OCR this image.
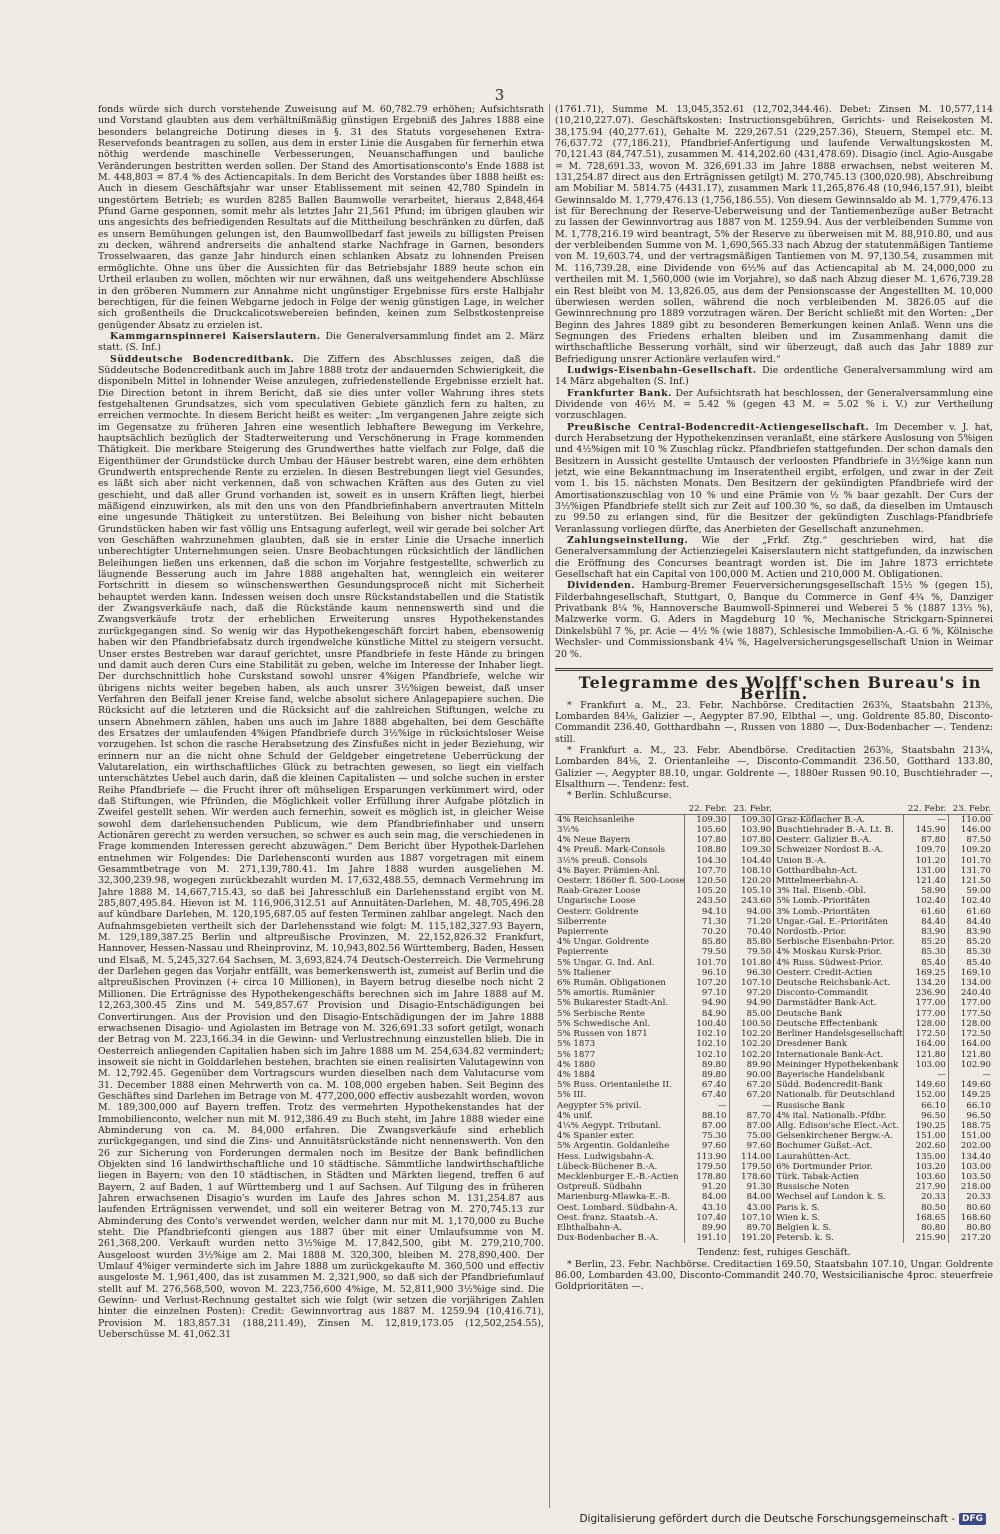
3

fonds würde sich durch vorstehende Zuweisung auf M. 60,782.79 erhöhen; Aufsichtsrath und Vorstand glaubten aus dem verhältnißmäßig günstigen Ergebniß des Jahres 1888 eine besonders belangreiche Dotirung dieses in §. 31 des Statuts vorgesehenen Extra-Reservefonds beantragen zu sollen, aus dem in erster Linie die Ausgaben für fernerhin etwa nöthig werdende maschinelle Verbesserungen, Neuanschaffungen und bauliche Veränderungen bestritten werden sollen. Der Stand des Amortisationsconto's Ende 1888 ist M. 448,803 = 87.4 % des Actiencapitals. In dem Bericht des Vorstandes über 1888 heißt es: Auch in diesem Geschäftsjahr war unser Etablissement mit seinen 42,780 Spindeln in ungestörtem Betrieb; es wurden 8285 Ballen Baumwolle verarbeitet, hieraus 2,848,464 Pfund Garne gesponnen, somit mehr als letztes Jahr 21,561 Pfund; im übrigen glauben wir uns angesichts des befriedigenden Resultats auf die Mittheilung beschränken zu dürfen, daß es unsern Bemühungen gelungen ist, den Baumwollbedarf fast jeweils zu billigsten Preisen zu decken, während andrerseits die anhaltend starke Nachfrage in Garnen, besonders Trosselwaaren, das ganze Jahr hindurch einen schlanken Absatz zu lohnenden Preisen ermöglichte. Ohne uns über die Aussichten für das Betriebsjahr 1889 heute schon ein Urtheil erlauben zu wollen, möchten wir nur erwähnen, daß uns weitgehendere Abschlüsse in den gröberen Nummern zur Annahme nicht ungünstiger Ergebnisse fürs erste Halbjahr berechtigen, für die feinen Webgarne jedoch in Folge der wenig günstigen Lage, in welcher sich großentheils die Druckcalicotswebereien befinden, keinen zum Selbstkostenpreise genügender Absatz zu erzielen ist.

Kammgarnspinnerei Kaiserslautern. Die Generalversammlung findet am 2. März statt. (S. Inf.)

Süddeutsche Bodencreditbank. Die Ziffern des Abschlusses zeigen, daß die Süddeutsche Bodencreditbank auch im Jahre 1888 trotz der andauernden Schwierigkeit, die disponibeln Mittel in lohnender Weise anzulegen, zufriedenstellende Ergebnisse erzielt hat. Die Direction betont in ihrem Bericht, daß sie dies unter voller Wahrung ihres stets festgehaltenen Grundsatzes, sich vom speculativen Gebiete gänzlich fern zu halten, zu erreichen vermochte. In diesem Bericht heißt es weiter: „Im vergangenen Jahre zeigte sich im Gegensatze zu früheren Jahren eine wesentlich lebhaftere Bewegung im Verkehre, hauptsächlich bezüglich der Stadterweiterung und Verschönerung in Frage kommenden Thätigkeit. Die merkbare Steigerung des Grundwerthes hatte vielfach zur Folge, daß die Eigenthümer der Grundstücke durch Umbau der Häuser bestrebt waren, eine dem erhöhten Grundwerth entsprechende Rente zu erzielen. In diesen Bestrebungen liegt viel Gesundes, es läßt sich aber nicht verkennen, daß von schwachen Kräften aus des Guten zu viel geschieht, und daß aller Grund vorhanden ist, soweit es in unsern Kräften liegt, hierbei mäßigend einzuwirken, als mit den uns von den Pfandbriefinhabern anvertrauten Mitteln eine ungesunde Thätigkeit zu unterstützen. Bei Beleihung von bisher nicht bebauten Grundstücken haben wir fast völlig uns Entsagung auferlegt, weil wir gerade bei solcher Art von Geschäften wahrzunehmen glaubten, daß sie in erster Linie die Ursache innerlich unberechtigter Unternehmungen seien. Unsre Beobachtungen rücksichtlich der ländlichen Beleihungen ließen uns erkennen, daß die schon im Vorjahre festgestellte, schwerlich zu läugnende Besserung auch im Jahre 1888 angehalten hat, wenngleich ein weiterer Fortschritt in diesem so wünschenswerthen Gesundungsproceß nicht mit Sicherheit behauptet werden kann. Indessen weisen doch unsre Rückstandstabellen und die Statistik der Zwangsverkäufe nach, daß die Rückstände kaum nennenswerth sind und die Zwangsverkäufe trotz der erheblichen Erweiterung unsres Hypothekenstandes zurückgegangen sind. So wenig wir das Hypothekengeschäft forcirt haben, ebensowenig haben wir den Pfandbriefabsatz durch irgendwelche künstliche Mittel zu steigern versucht. Unser erstes Bestreben war darauf gerichtet, unsre Pfandbriefe in feste Hände zu bringen und damit auch deren Curs eine Stabilität zu geben, welche im Interesse der Inhaber liegt. Der durchschnittlich hohe Curskstand sowohl unsrer 4%igen Pfandbriefe, welche wir übrigens nichts weiter begeben haben, als auch unsrer 3½%igen beweist, daß unser Verfahren den Beifall jener Kreise fand, welche absolut sichere Anlagepapiere suchen. Die Rücksicht auf die letzteren und die Rücksicht auf die zahlreichen Stiftungen, welche zu unsern Abnehmern zählen, haben uns auch im Jahre 1888 abgehalten, bei dem Geschäfte des Ersatzes der umlaufenden 4%igen Pfandbriefe durch 3½%ige in rücksichtsloser Weise vorzugehen. Ist schon die rasche Herabsetzung des Zinsfußes nicht in jeder Beziehung, wir erinnern nur an die nicht ohne Schuld der Geldgeber eingetretene Ueberrückung der Valutarelation, ein wirthschaftliches Glück zu betrachten gewesen, so liegt ein vielfach unterschätztes Uebel auch darin, daß die kleinen Capitalisten — und solche suchen in erster Reihe Pfandbriefe — die Frucht ihrer oft mühseligen Ersparungen verkümmert wird, oder daß Stiftungen, wie Pfründen, die Möglichkeit voller Erfüllung ihrer Aufgabe plötzlich in Zweifel gestellt sehen. Wir werden auch fernerhin, soweit es möglich ist, in gleicher Weise sowohl dem darlehensuchenden Publicum, wie dem Pfandbriefinhaber und unsern Actionären gerecht zu werden versuchen, so schwer es auch sein mag, die verschiedenen in Frage kommenden Interessen gerecht abzuwägen.“ Dem Bericht über Hypothek-Darlehen entnehmen wir Folgendes: Die Darlehensconti wurden aus 1887 vorgetragen mit einem Gesammtbetrage von M. 271,139,780.41. Im Jahre 1888 wurden ausgeliehen M. 32,300,239.98, wogegen zurückbezahlt wurden M. 17,632,488.55, demnach Vermehrung im Jahre 1888 M. 14,667,715.43, so daß bei Jahresschluß ein Darlehensstand ergibt von M. 285,807,495.84. Hievon ist M. 116,906,312.51 auf Annuitäten-Darlehen, M. 48,705,496.28 auf kündbare Darlehen, M. 120,195,687.05 auf festen Terminen zahlbar angelegt. Nach den Aufnahmsgebieten vertheilt sich der Darlehensstand wie folgt: M. 115,182,327.93 Bayern, M. 129,189,387.25 Berlin und altpreußische Provinzen, M. 22,152,826.32 Frankfurt, Hannover, Hessen-Nassau und Rheinprovinz, M. 10,943,802.56 Württemberg, Baden, Hessen und Elsaß, M. 5,245,327.64 Sachsen, M. 3,693,824.74 Deutsch-Oesterreich. Die Vermehrung der Darlehen gegen das Vorjahr entfällt, was bemerkenswerth ist, zumeist auf Berlin und die altpreußischen Provinzen (+ circa 10 Millionen), in Bayern betrug dieselbe noch nicht 2 Millionen. Die Erträgnisse des Hypothekengeschäfts berechnen sich im Jahre 1888 auf M. 12,263,300.45 Zins und M. 549,857.67 Provision und Disagio-Entschädigungen bei Convertirungen. Aus der Provision und den Disagio-Entschädigungen der im Jahre 1888 erwachsenen Disagio- und Agiolasten im Betrage von M. 326,691.33 sofort getilgt, wonach der Betrag von M. 223,166.34 in die Gewinn- und Verlustrechnung einzustellen blieb. Die in Oesterreich anliegenden Capitalien haben sich im Jahre 1888 um M. 254,634.82 vermindert; insoweit sie nicht in Golddarlehen bestehen, brachten sie einen realisirten Valutagewinn von M. 12,792.45. Gegenüber dem Vortragscurs wurden dieselben nach dem Valutacurse vom 31. December 1888 einen Mehrwerth von ca. M. 108,000 ergeben haben. Seit Beginn des Geschäftes sind Darlehen im Betrage von M. 477,200,000 effectiv ausbezahlt worden, wovon M. 189,300,000 auf Bayern treffen. Trotz des vermehrten Hypothekenstandes hat der Immobilienconto, welcher nun mit M. 912,386.49 zu Buch steht, im Jahre 1888 wieder eine Abminderung von ca. M. 84,000 erfahren. Die Zwangsverkäufe sind erheblich zurückgegangen, und sind die Zins- und Annuitätsrückstände nicht nennenswerth. Von den 26 zur Sicherung von Forderungen dermalen noch im Besitze der Bank befindlichen Objekten sind 16 landwirthschaftliche und 10 städtische. Sämmtliche landwirthschaftliche liegen in Bayern; von den 10 städtischen, in Städten und Märkten liegend, treffen 6 auf Bayern, 2 auf Baden, 1 auf Württemberg und 1 auf Sachsen. Auf Tilgung des in früheren Jahren erwachsenen Disagio's wurden im Laufe des Jahres schon M. 131,254.87 aus laufenden Erträgnissen verwendet, und soll ein weiterer Betrag von M. 270,745.13 zur Abminderung des Conto's verwendet werden, welcher dann nur mit M. 1,170,000 zu Buche steht. Die Pfandbriefconti giengen aus 1887 über mit einer Umlaufsumme von M. 261,368,200. Verkauft wurden netto 3½%ige M. 17,842,500, gibt M. 279,210,700. Ausgeloost wurden 3½%ige am 2. Mai 1888 M. 320,300, bleiben M. 278,890,400. Der Umlauf 4%iger verminderte sich im Jahre 1888 um zurückgekaufte M. 360,500 und effectiv ausgeloste M. 1,961,400, das ist zusammen M. 2,321,900, so daß sich der Pfandbriefumlauf stellt auf M. 276,568,500, wovon M. 223,756,600 4%ige, M. 52,811,900 3½%ige sind. Die Gewinn- und Verlust-Rechnung gestaltet sich wie folgt (wir setzen die vorjährigen Zahlen hinter die einzelnen Posten): Credit: Gewinnvortrag aus 1887 M. 1259.94 (10,416.71), Provision M. 183,857.31 (188,211.49), Zinsen M. 12,819,173.05 (12,502,254.55), Ueberschüsse M. 41,062.31

(1761.71), Summe M. 13,045,352.61 (12,702,344.46). Debet: Zinsen M. 10,577,114 (10,210,227.07). Geschäftskosten: Instructionsgebühren, Gerichts- und Reisekosten M. 38,175.94 (40,277.61), Gehalte M. 229,267.51 (229,257.36), Steuern, Stempel etc. M. 76,637.72 (77,186.21), Pfandbrief-Anfertigung und laufende Verwaltungskosten M. 70,121.43 (84,747.51), zusammen M. 414,202.60 (431,478.69). Disagio (incl. Agio-Ausgabe = M. 728,691.33, wovon M. 326,691.33 im Jahre 1888 erwachsen, nebst weiteren M. 131,254.87 direct aus den Erträgnissen getilgt) M. 270,745.13 (300,020.98), Abschreibung am Mobiliar M. 5814.75 (4431.17), zusammen Mark 11,265,876.48 (10,946,157.91), bleibt Gewinnsaldo M. 1,779,476.13 (1,756,186.55). Von diesem Gewinnsaldo ab M. 1,779,476.13 ist für Berechnung der Reserve-Ueberweisung und der Tantiemenbezüge außer Betracht zu lassen der Gewinnvortrag aus 1887 von M. 1259.94. Aus der verbleibenden Summe von M. 1,778,216.19 wird beantragt, 5% der Reserve zu überweisen mit M. 88,910.80, und aus der verbleibenden Summe von M. 1,690,565.33 nach Abzug der statutenmäßigen Tantieme von M. 19,603.74, und der vertragsmäßigen Tantiemen von M. 97,130.54, zusammen mit M. 116,739.28, eine Dividende von 6½% auf das Actiencapital ab M. 24,000,000 zu vertheilen mit M. 1,560,000 (wie im Vorjahre), so daß nach Abzug dieser M. 1,676,739.28 ein Rest bleibt von M. 13,826.05, aus dem der Pensionscasse der Angestellten M. 10,000 überwiesen werden sollen, während die noch verbleibenden M. 3826.05 auf die Gewinnrechnung pro 1889 vorzutragen wären. Der Bericht schließt mit den Worten: „Der Beginn des Jahres 1889 gibt zu besonderen Bemerkungen keinen Anlaß. Wenn uns die Segnungen des Friedens erhalten bleiben und im Zusammenhang damit die wirthschaftliche Besserung vorhält, sind wir überzeugt, daß auch das Jahr 1889 zur Befriedigung unsrer Actionäre verlaufen wird.“

Ludwigs-Eisenbahn-Gesellschaft. Die ordentliche Generalversammlung wird am 14 März abgehalten (S. Inf.)

Frankfurter Bank. Der Aufsichtsrath hat beschlossen, der Generalversammlung eine Dividende von 46½ M. = 5.42 % (gegen 43 M. = 5.02 % i. V.) zur Vertheilung vorzuschlagen.

Preußische Central-Bodencredit-Actiengesellschaft. Im December v. J. hat, durch Herabsetzung der Hypothekenzinsen veranlaßt, eine stärkere Auslosung von 5%igen und 4½%igen mit 10 % Zuschlag rückz. Pfandbriefen stattgefunden. Der schon damals den Besitzern in Aussicht gestellte Umtausch der verloosten Pfandbriefe in 3½%ige kann nun jetzt, wie eine Bekanntmachung im Inseratentheil ergibt, erfolgen, und zwar in der Zeit vom 1. bis 15. nächsten Monats. Den Besitzern der gekündigten Pfandbriefe wird der Amortisationszuschlag von 10 % und eine Prämie von ½ % baar gezahlt. Der Curs der 3½%igen Pfandbriefe stellt sich zur Zeit auf 100.30 %, so daß, da dieselben im Umtausch zu 99.50 zu erlangen sind, für die Besitzer der gekündigten Zuschlags-Pfandbriefe Veranlassung vorliegen dürfte, das Anerbieten der Gesellschaft anzunehmen.

Zahlungseinstellung. Wie der „Frkf. Ztg.“ geschrieben wird, hat die Generalversammlung der Actienziegelei Kaiserslautern nicht stattgefunden, da inzwischen die Eröffnung des Concurses beantragt worden ist. Die im Jahre 1873 errichtete Gesellschaft hat ein Capital von 100,000 M. Actien und 210,000 M. Obligationen.

Dividenden. Hamburg-Bremer Feuerversicherungsgesellschaft 15½ % (gegen 15), Filderbahngesellschaft, Stuttgart, 0, Banque du Commerce in Genf 4¾ %, Danziger Privatbank 8¼ %, Hannoversche Baumwoll-Spinnerei und Weberei 5 % (1887 13⅓ %), Malzwerke vorm. G. Aders in Magdeburg 10 %, Mechanische Strickgarn-Spinnerei Dinkelsbühl 7 %, pr. Acie — 4½ % (wie 1887), Schlesische Immobilien-A.-G. 6 %, Kölnische Wechsler- und Commissionsbank 4¼ %, Hagelversicherungsgesellschaft Union in Weimar 20 %.

Telegramme des Wolff'schen Bureau's in Berlin.

* Frankfurt a. M., 23. Febr. Nachbörse. Creditactien 263⅝, Staatsbahn 213⅝, Lombarden 84⅛, Galizier —, Aegypter 87.90, Elbthal —, ung. Goldrente 85.80, Disconto-Commandit 236.40, Gotthardbahn —, Russen von 1880 —, Dux-Bodenbacher —. Tendenz: still.

* Frankfurt a. M., 23. Febr. Abendbörse. Creditactien 263⅝, Staatsbahn 213¼, Lombarden 84⅛, 2. Orientanleihe —, Disconto-Commandit 236.50, Gotthard 133.80, Galizier —, Aegypter 88.10, ungar. Goldrente —, 1880er Russen 90.10, Buschtiehrader —, Elsalthurn —. Tendenz: fest.

* Berlin. Schlußcurse.

	22. Febr.	23. Febr.		22. Febr.	23. Febr.
4% Reichsanleihe	109.30	109.30	Graz-Köflacher B.-A.	—	110.00
3½%	105.60	103.90	Buschtiehrader B.-A. Lt. B.	145.90	146.00
4% Neue Bayern	107.80	107.80	Oesterr. Galizier B.-A.	87.80	87.50
4% Preuß. Mark-Consols	108.80	109.30	Schweizer Nordost B.-A.	109.70	109.20
3½% preuß. Consols	104.30	104.40	Union B.-A.	101.20	101.70
4% Bayer. Prämien-Anl.	107.70	108.10	Gotthardbahn-Act.	131.00	131.70
Oesterr. 1860er fl. 500-Loose	120.50	120.20	Mittelmeerbahn-A.	121.40	121.50
Raab-Grazer Loose	105.20	105.10	3% Ital. Eisenb.-Obl.	58.90	59.00
Ungarische Loose	243.50	243.60	5% Lomb.-Prioritäten	102.40	102.40
Oesterr. Goldrente	94.10	94.00	3% Lomb.-Prioritäten	61.60	61.60
Silberrente	71.30	71.20	Ungar.-Gal. E.-Prioritäten	84.40	84.40
Papierrente	70.20	70.40	Nordostb.-Prior.	83.90	83.90
4% Ungar. Goldrente	85.80	85.80	Serbische Eisenbahn-Prior.	85.20	85.20
Papierrente	79.50	79.50	4% Moskau Kursk-Prior.	85.30	85.30
5% Ungar. G. Ind. Anl.	101.70	101.80	4% Russ. Südwest-Prior.	85.40	85.40
5% Italiener	96.10	96.30	Oesterr. Credit-Actien	169.25	169.10
6% Rumän. Obligationen	107.20	107.10	Deutsche Reichsbank-Act.	134.20	134.00
5% amortis. Rumänier	97.10	97.20	Disconto-Commandit	236.90	240.40
5% Bukarester Stadt-Anl.	94.90	94.90	Darmstädter Bank-Act.	177.00	177.00
5% Serbische Rente	84.90	85.00	Deutsche Bank	177.00	177.50
5% Schwedische Anl.	100.40	100.50	Deutsche Effectenbank	128.00	128.00
5% Russen von 1871	102.10	102.20	Berliner Handelsgesellschaft	172.50	172.50
5% 1873	102.10	102.20	Dresdener Bank	164.00	164.00
5% 1877	102.10	102.20	Internationale Bank-Act.	121.80	121.80
4% 1880	89.80	89.90	Meininger Hypothekenbank	103.00	102.90
4% 1884	89.80	90.00	Bayerische Handelsbank	—	—
5% Russ. Orientanleihe II.	67.40	67.20	Südd. Bodencredit-Bank	149.60	149.60
5% III.	67.40	67.20	Nationalb. für Deutschland	152.00	149.25
Aegypter 5% privil.	—	—	Russische Bank	66.10	66.10
4% unif.	88.10	87.70	4% ital. Nationalb.-Pfdbr.	96.50	96.50
4¼% Aegypt. Tributanl.	87.00	87.00	Allg. Edison'sche Elect.-Act.	190.25	188.75
4% Spanier exter.	75.30	75.00	Gelsenkirchener Bergw.-A.	151.00	151.00
5% Argentin. Goldanleihe	97.60	97.60	Bochumer Gußst.-Act.	202.60	202.00
Hess. Ludwigsbahn-A.	113.90	114.00	Laurahütten-Act.	135.00	134.40
Lübeck-Büchener B.-A.	179.50	179.50	6% Dortmunder Prior.	103.20	103.00
Mecklenburger E.-B.-Actien	178.80	178.60	Türk. Tabak-Actien	103.60	103.50
Ostpreuß. Südbahn	91.20	91.30	Russische Noten	217.90	218.00
Marienburg-Mlawka-E.-B.	84.00	84.00	Wechsel auf London k. S.	20.33	20.33
Oest. Lombard. Südbahn-A.	43.10	43.00	Paris k. S.	80.50	80.60
Oest. franz. Staatsb.-A.	107.40	107.10	Wien k. S.	168.65	168.60
Elbthalbahn-A.	89.90	89.70	Belgien k. S.	80.80	80.80
Dux-Bodenbacher B.-A.	191.10	191.20	Petersb. k. S.	215.90	217.20

Tendenz: fest, ruhiges Geschäft.

* Berlin, 23. Febr. Nachbörse. Creditactien 169.50, Staatsbahn 107.10, Ungar. Goldrente 86.00, Lombarden 43.00, Disconto-Commandit 240.70, Westsicilianische 4proc. steuerfreie Goldprioritäten —.

Digitalisierung gefördert durch die Deutsche Forschungsgemeinschaft - DFG
